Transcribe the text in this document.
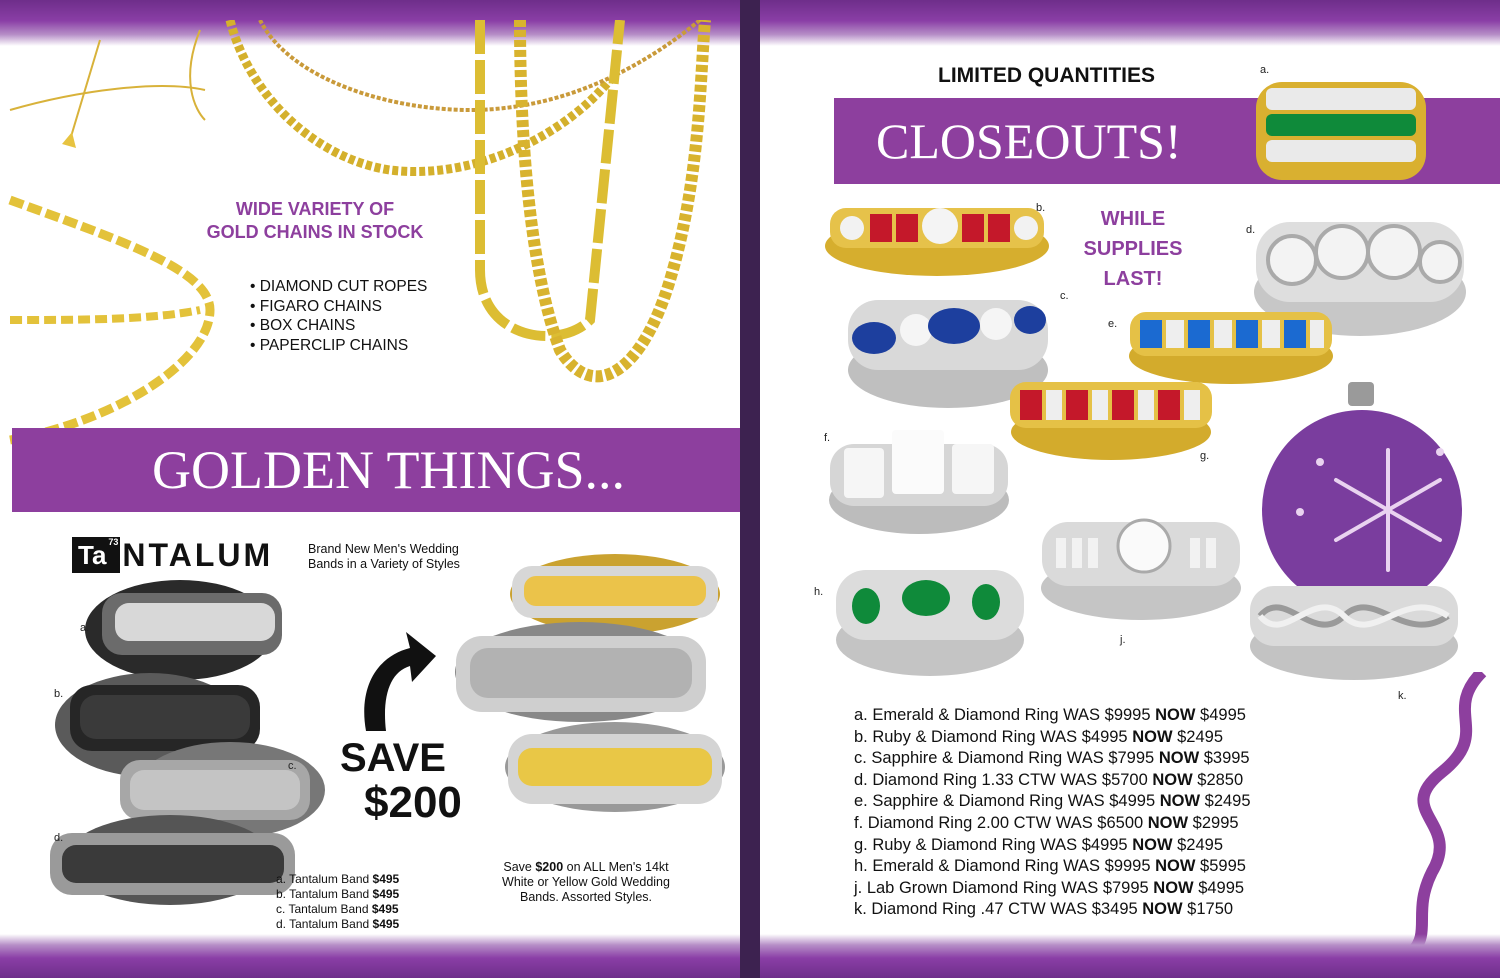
WIDE VARIETY OF
GOLD CHAINS IN STOCK
• DIAMOND CUT ROPES
• FIGARO CHAINS
• BOX CHAINS
• PAPERCLIP CHAINS
GOLDEN THINGS...
Ta 73 NTALUM	Brand New Men's Wedding
Bands in a Variety of Styles
a.
b.
c.
d.
a. Tantalum Band $495
b. Tantalum Band $495
c. Tantalum Band $495
d. Tantalum Band $495
SAVE
$200
Save $200 on ALL Men's 14kt
White or Yellow Gold Wedding
Bands. Assorted Styles.
LIMITED QUANTITIES
CLOSEOUTS!
WHILE
SUPPLIES
LAST!
a.
b.
c.
d.
e.
g.
f.
h.
j.
k.
a. Emerald & Diamond Ring WAS $9995 NOW $4995
b. Ruby & Diamond Ring WAS $4995 NOW $2495
c. Sapphire & Diamond Ring WAS $7995 NOW $3995
d. Diamond Ring 1.33 CTW WAS $5700 NOW $2850
e. Sapphire & Diamond Ring WAS $4995 NOW $2495
f. Diamond Ring 2.00 CTW WAS $6500 NOW $2995
g. Ruby & Diamond Ring WAS $4995 NOW $2495
h. Emerald & Diamond Ring WAS $9995 NOW $5995
j. Lab Grown Diamond Ring WAS $7995 NOW $4995
k. Diamond Ring .47 CTW WAS $3495 NOW $1750
